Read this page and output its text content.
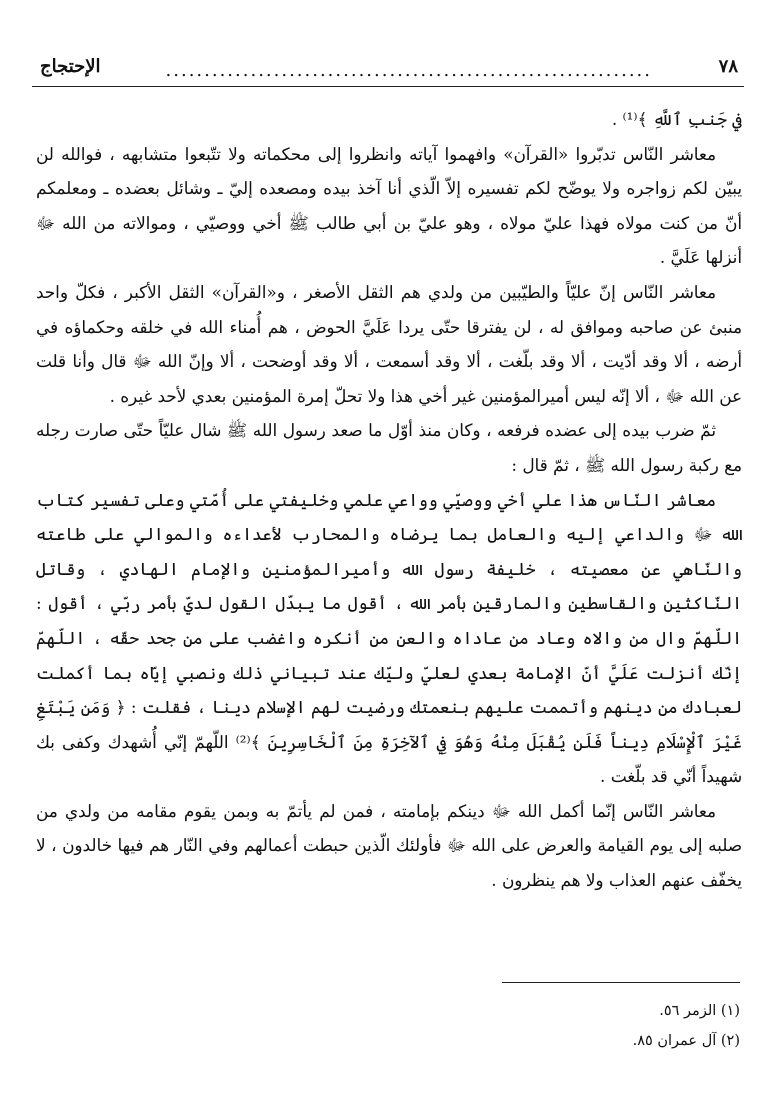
٧٨
...............................................................
الإحتجاج

في جَنبِ ٱللَّهِ ﴾⁽¹⁾ .

معاشر النّاس تدبّروا «القرآن» وافهموا آياته وانظروا إلى محكماته ولا تتّبعوا متشابهه ، فوالله لن يبيّن لكم زواجره ولا يوضّح لكم تفسيره إلاّ الّذي أنا آخذ بيده ومصعده إليّ ـ وشائل بعضده ـ ومعلمكم أنّ من كنت مولاه فهذا عليّ مولاه ، وهو عليّ بن أبي طالب ﷺ أخي ووصيّي ، وموالاته من الله ﷻ أنزلها عَلَيَّ .

معاشر النّاس إنّ عليّاً والطيّبين من ولدي هم الثقل الأصغر ، و«القرآن» الثقل الأكبر ، فكلّ واحد منبئ عن صاحبه وموافق له ، لن يفترقا حتّى يردا عَلَيَّ الحوض ، هم أُمناء الله في خلقه وحكماؤه في أرضه ، ألا وقد أدّيت ، ألا وقد بلّغت ، ألا وقد أسمعت ، ألا وقد أوضحت ، ألا وإنّ الله ﷻ قال وأنا قلت عن الله ﷻ ، ألا إنّه ليس أميرالمؤمنين غير أخي هذا ولا تحلّ إمرة المؤمنين بعدي لأحد غيره .

ثمّ ضرب بيده إلى عضده فرفعه ، وكان منذ أوّل ما صعد رسول الله ﷺ شال عليّاً حتّى صارت رجله مع ركبة رسول الله ﷺ ، ثمّ قال :

معاشر النّاس هذا علي أخي ووصيّي وواعي علمي وخليفتي على أُمّتي وعلى تفسير كتاب الله ﷻ والداعي إليه والعامل بما يرضاه والمحارب لأعداءه والموالي على طاعته والنّاهي عن معصيته ، خليفة رسول الله وأميرالمؤمنين والإمام الهادي ، وقاتل النّاكثين والقاسطين والمارقين بأمر الله ، أقول ما يبدّل القول لديّ بأمر ربّي ، أقول : اللّهمّ وال من والاه وعاد من عاداه والعن من أنكره واغضب على من جحد حقّه ، اللّهمّ إنّك أنزلت عَلَيَّ أنّ الإمامة بعدي لعليّ وليّك عند تبياني ذلك ونصبي إيّاه بما أكملت لعبادك من دينهم وأتممت عليهم بنعمتك ورضيت لهم الإسلام دينا ، فقلت : ﴿ وَمَن يَبْتَغِ غَيْرَ ٱلْإِسْلَامِ دِيناً فَلَن يُقْبَلَ مِنْهُ وَهُوَ فِي ٱلآخِرَةِ مِنَ ٱلْخَاسِرِينَ ﴾⁽²⁾ اللّهمّ إنّي أُشهدك وكفى بك شهيداً أنّي قد بلّغت .

معاشر النّاس إنّما أكمل الله ﷻ دينكم بإمامته ، فمن لم يأتمّ به وبمن يقوم مقامه من ولدي من صلبه إلى يوم القيامة والعرض على الله ﷻ فأولئك الّذين حبطت أعمالهم وفي النّار هم فيها خالدون ، لا يخفّف عنهم العذاب ولا هم ينظرون .

(١) الزمر ٥٦.
(٢) آل عمران ٨٥.
